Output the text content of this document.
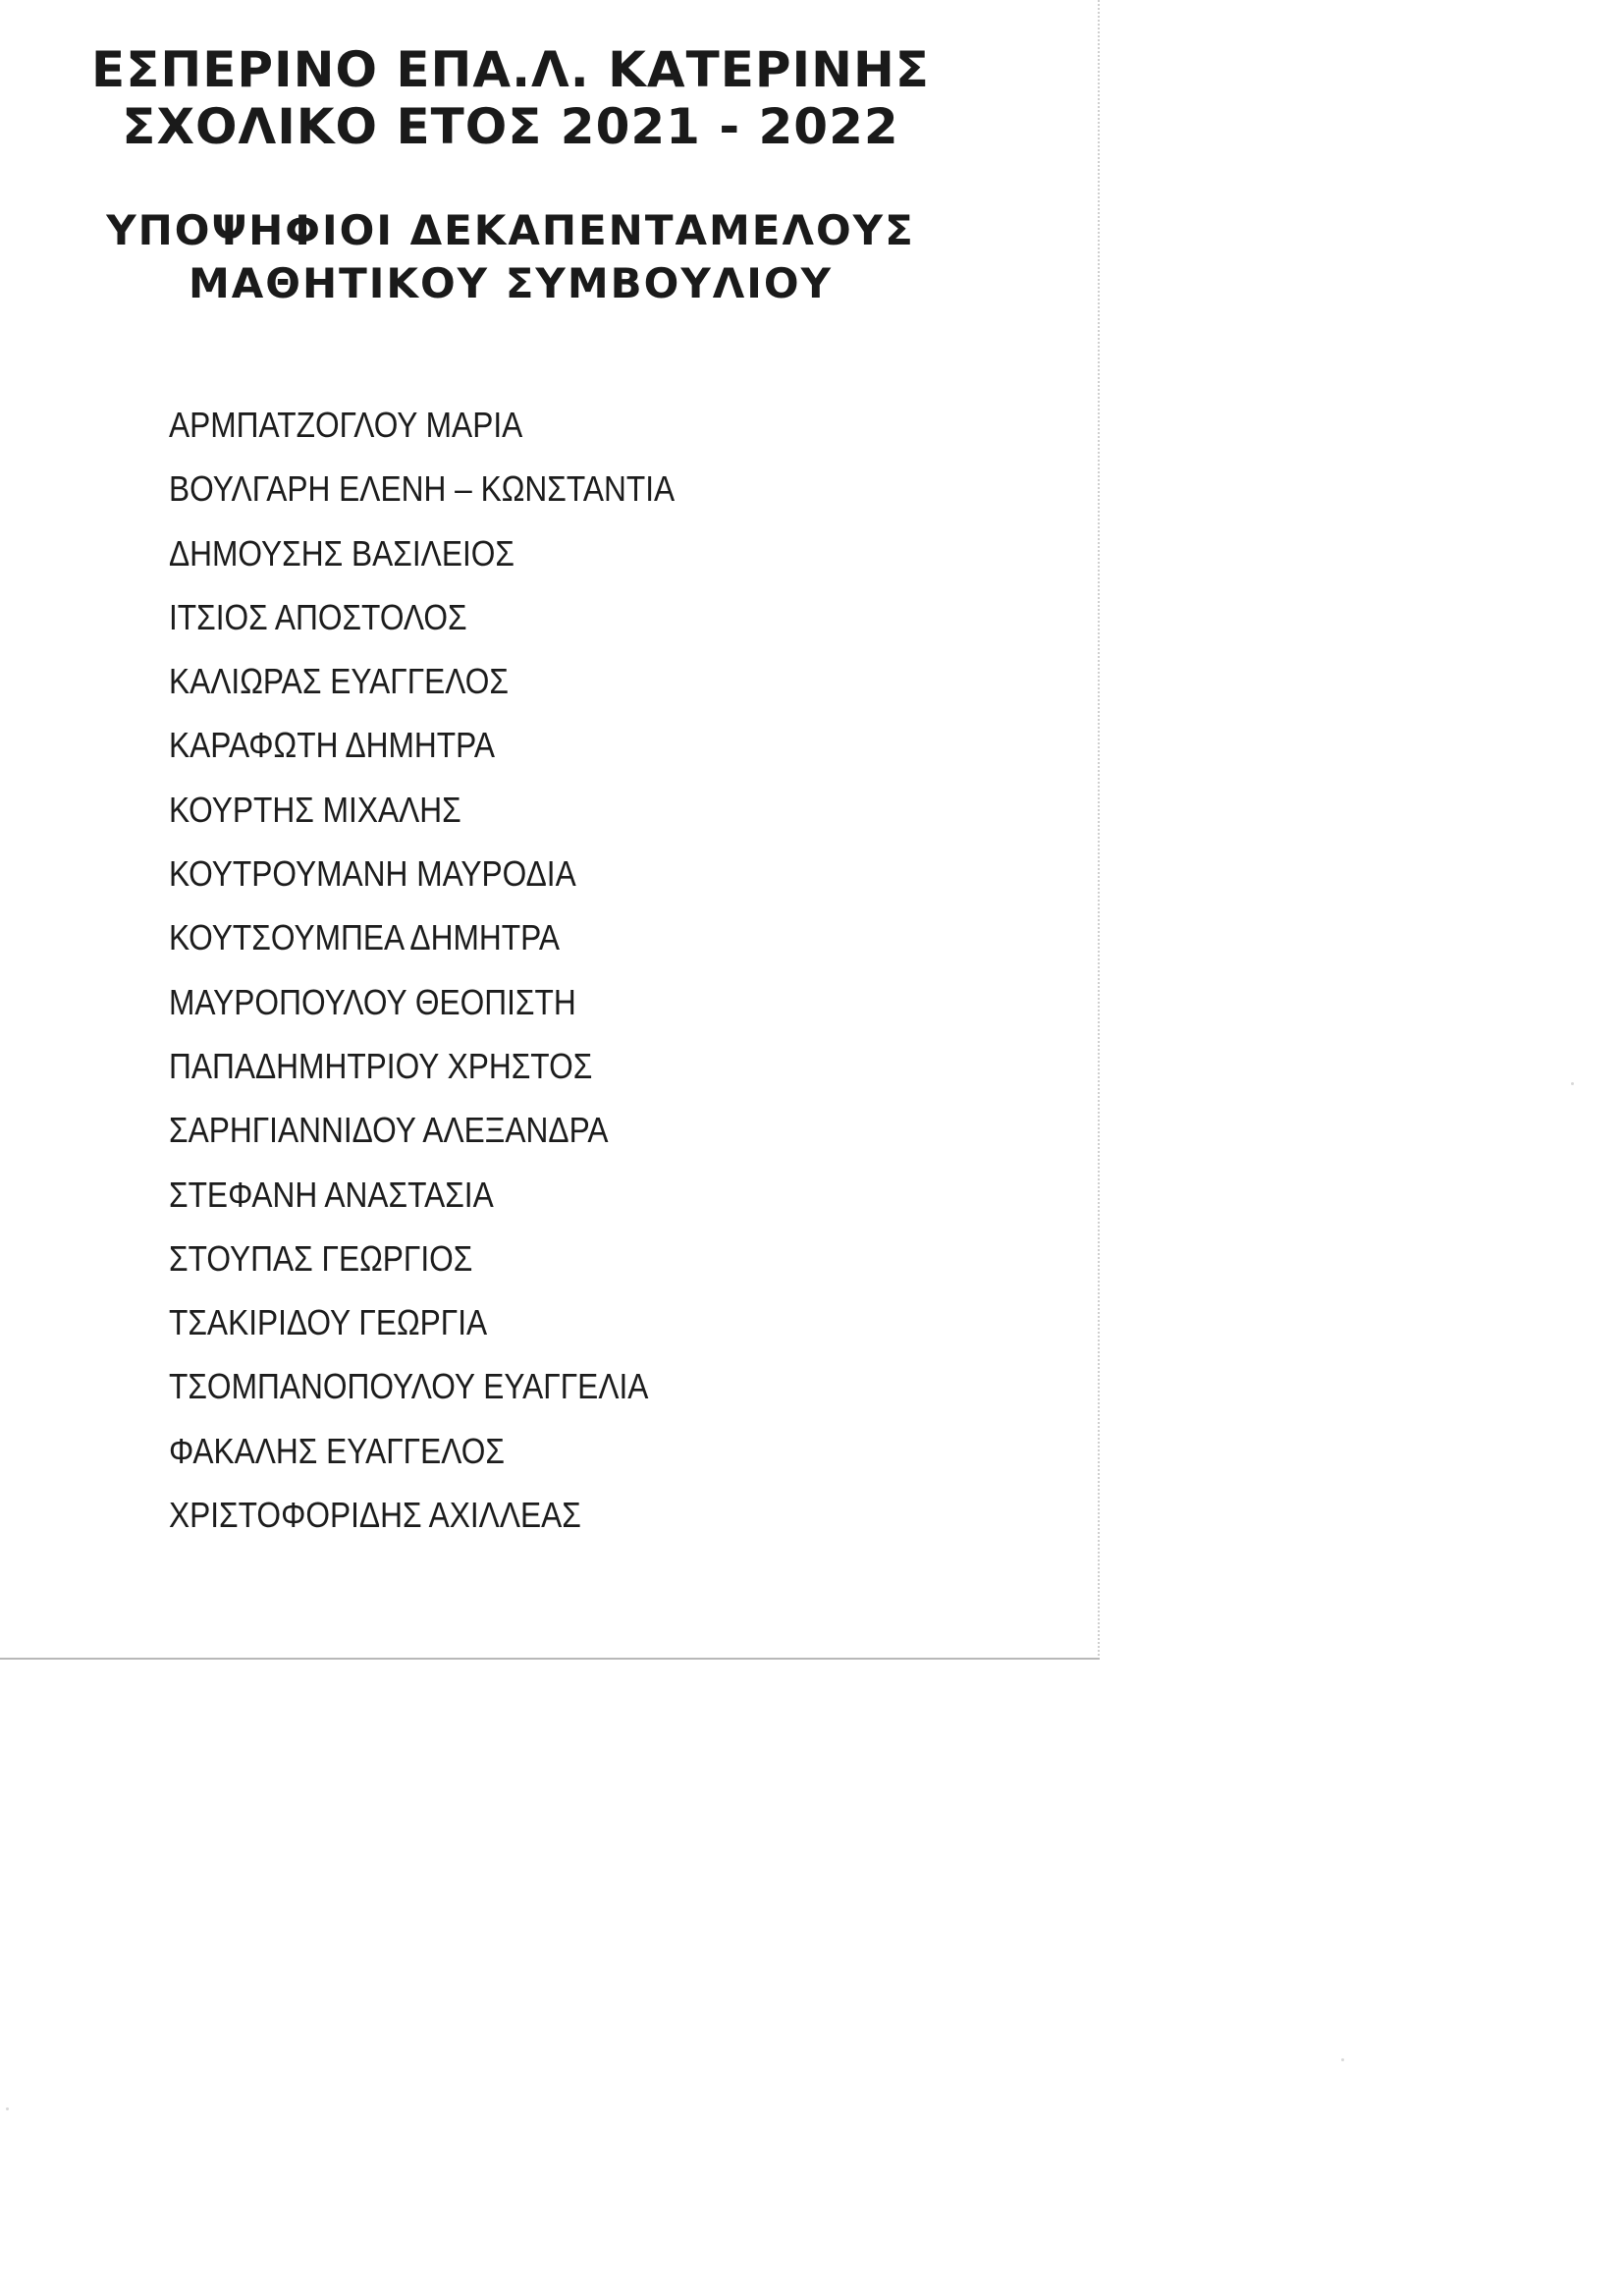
ΕΣΠΕΡΙΝΟ ΕΠΑ.Λ. ΚΑΤΕΡΙΝΗΣ
ΣΧΟΛΙΚΟ ΕΤΟΣ 2021 - 2022
ΥΠΟΨΗΦΙΟΙ ΔΕΚΑΠΕΝΤΑΜΕΛΟΥΣ
ΜΑΘΗΤΙΚΟΥ ΣΥΜΒΟΥΛΙΟΥ
ΑΡΜΠΑΤΖΟΓΛΟΥ ΜΑΡΙΑ
ΒΟΥΛΓΑΡΗ ΕΛΕΝΗ – ΚΩΝΣΤΑΝΤΙΑ
ΔΗΜΟΥΣΗΣ ΒΑΣΙΛΕΙΟΣ
ΙΤΣΙΟΣ ΑΠΟΣΤΟΛΟΣ
ΚΑΛΙΩΡΑΣ ΕΥΑΓΓΕΛΟΣ
ΚΑΡΑΦΩΤΗ ΔΗΜΗΤΡΑ
ΚΟΥΡΤΗΣ ΜΙΧΑΛΗΣ
ΚΟΥΤΡΟΥΜΑΝΗ ΜΑΥΡΟΔΙΑ
ΚΟΥΤΣΟΥΜΠΕΑ ΔΗΜΗΤΡΑ
ΜΑΥΡΟΠΟΥΛΟΥ ΘΕΟΠΙΣΤΗ
ΠΑΠΑΔΗΜΗΤΡΙΟΥ ΧΡΗΣΤΟΣ
ΣΑΡΗΓΙΑΝΝΙΔΟΥ ΑΛΕΞΑΝΔΡΑ
ΣΤΕΦΑΝΗ ΑΝΑΣΤΑΣΙΑ
ΣΤΟΥΠΑΣ ΓΕΩΡΓΙΟΣ
ΤΣΑΚΙΡΙΔΟΥ ΓΕΩΡΓΙΑ
ΤΣΟΜΠΑΝΟΠΟΥΛΟΥ ΕΥΑΓΓΕΛΙΑ
ΦΑΚΑΛΗΣ ΕΥΑΓΓΕΛΟΣ
ΧΡΙΣΤΟΦΟΡΙΔΗΣ ΑΧΙΛΛΕΑΣ
